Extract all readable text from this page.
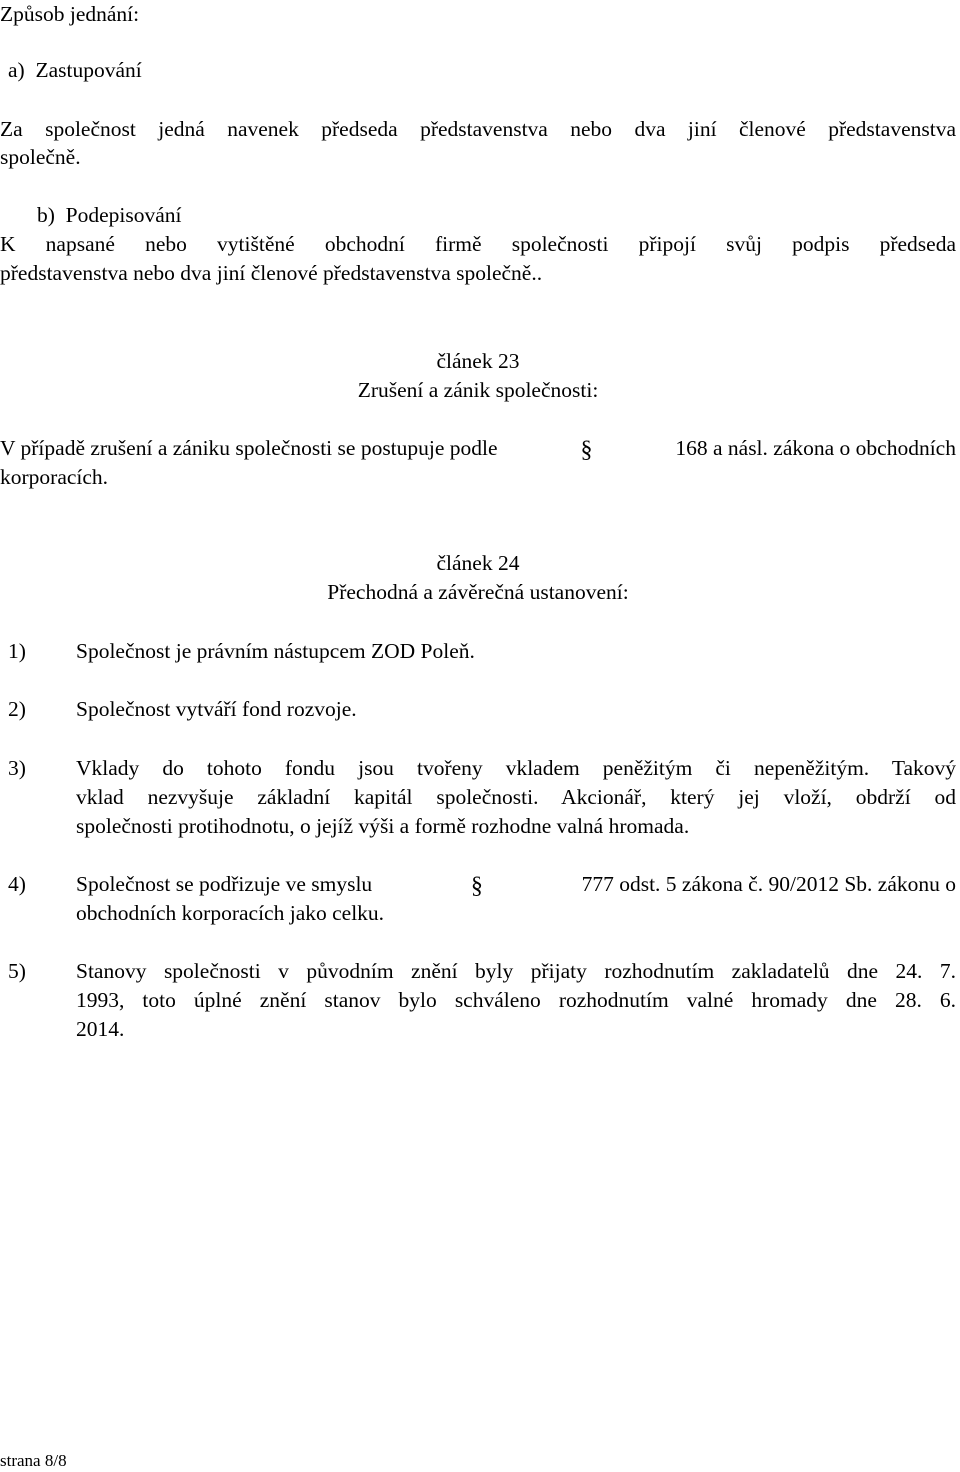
Způsob jednání:
a)  Zastupování
Za společnost jedná navenek předseda představenstva nebo dva jiní členové představenstva
společně.
b)  Podepisování
K napsané nebo vytištěné obchodní firmě společnosti připojí svůj podpis předseda
představenstva nebo dva jiní členové představenstva společně..
článek 23
Zrušení a zánik společnosti:
V případě zrušení a zániku společnosti se postupuje podle	§	168 a násl. zákona o obchodních
korporacích.
článek 24
Přechodná a závěrečná ustanovení:
1) Společnost je právním nástupcem ZOD Poleň.
2) Společnost vytváří fond rozvoje.
3) Vklady do tohoto fondu jsou tvořeny vkladem peněžitým či nepeněžitým. Takový
vklad nezvyšuje základní kapitál společnosti. Akcionář, který jej vloží, obdrží od
společnosti protihodnotu, o jejíž výši a formě rozhodne valná hromada.
4) Společnost se podřizuje ve smyslu	§	777 odst. 5 zákona č. 90/2012 Sb. zákonu o
obchodních korporacích jako celku.
5) Stanovy společnosti v původním znění byly přijaty rozhodnutím zakladatelů dne 24. 7.
1993, toto úplné znění stanov bylo schváleno rozhodnutím valné hromady dne 28. 6.
2014.
strana 8/8
